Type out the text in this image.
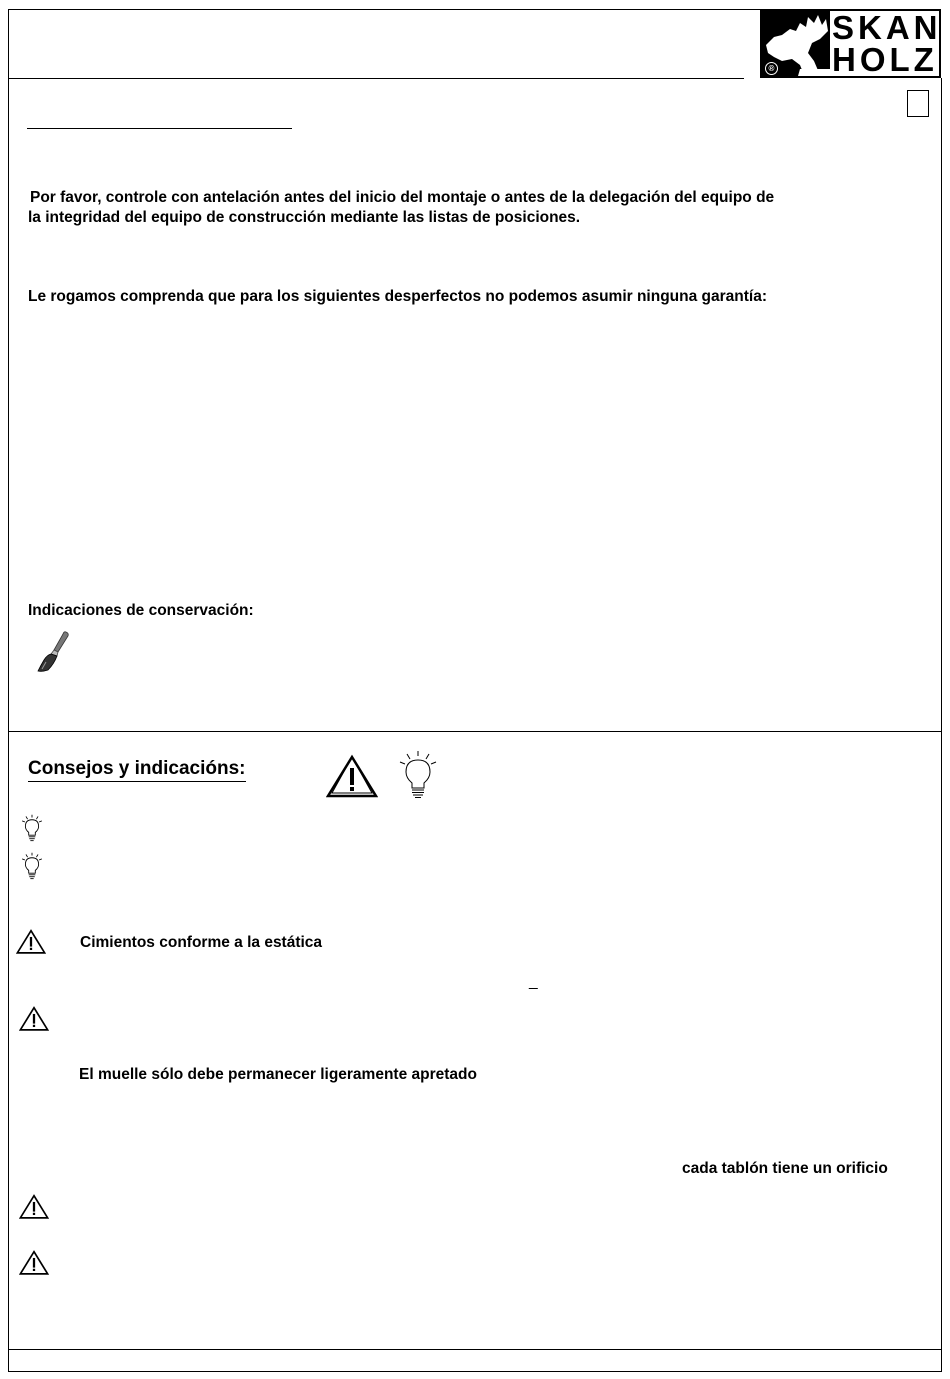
®
SKAN
HOLZ
Por favor, controle con antelación antes del inicio del montaje o antes de la delegación del equipo de
la integridad del equipo de construcción mediante las listas de posiciones.
Le rogamos comprenda que para los siguientes desperfectos no podemos asumir ninguna garantía:
Indicaciones de conservación:
Consejos y indicacións:
Cimientos conforme a la estática
_
El muelle sólo debe permanecer ligeramente apretado
cada tablón tiene un orificio
